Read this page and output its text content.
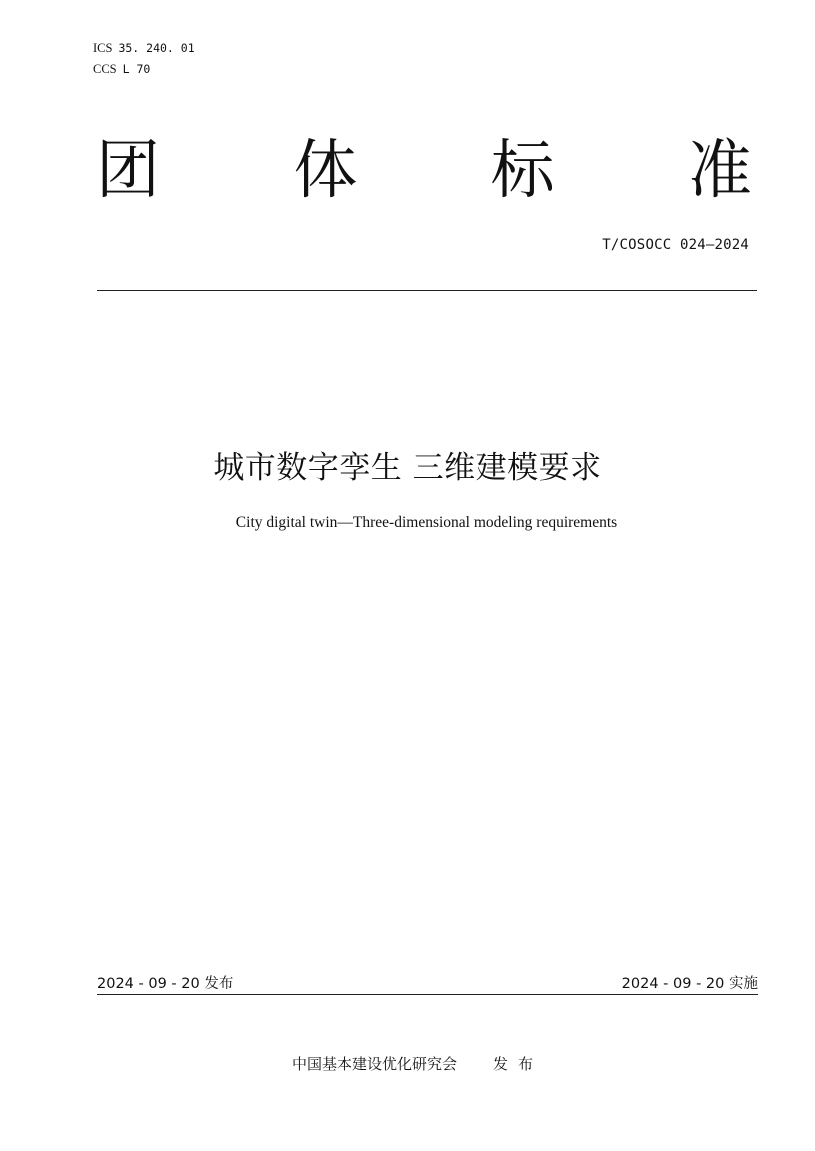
ICS 35. 240. 01
CCS L 70
团 体 标 准
T/COSOCC 024—2024
城市数字孪生 三维建模要求
City digital twin—Three-dimensional modeling requirements
2024 - 09 - 20 发布	2024 - 09 - 20 实施
中国基本建设优化研究会 发布
